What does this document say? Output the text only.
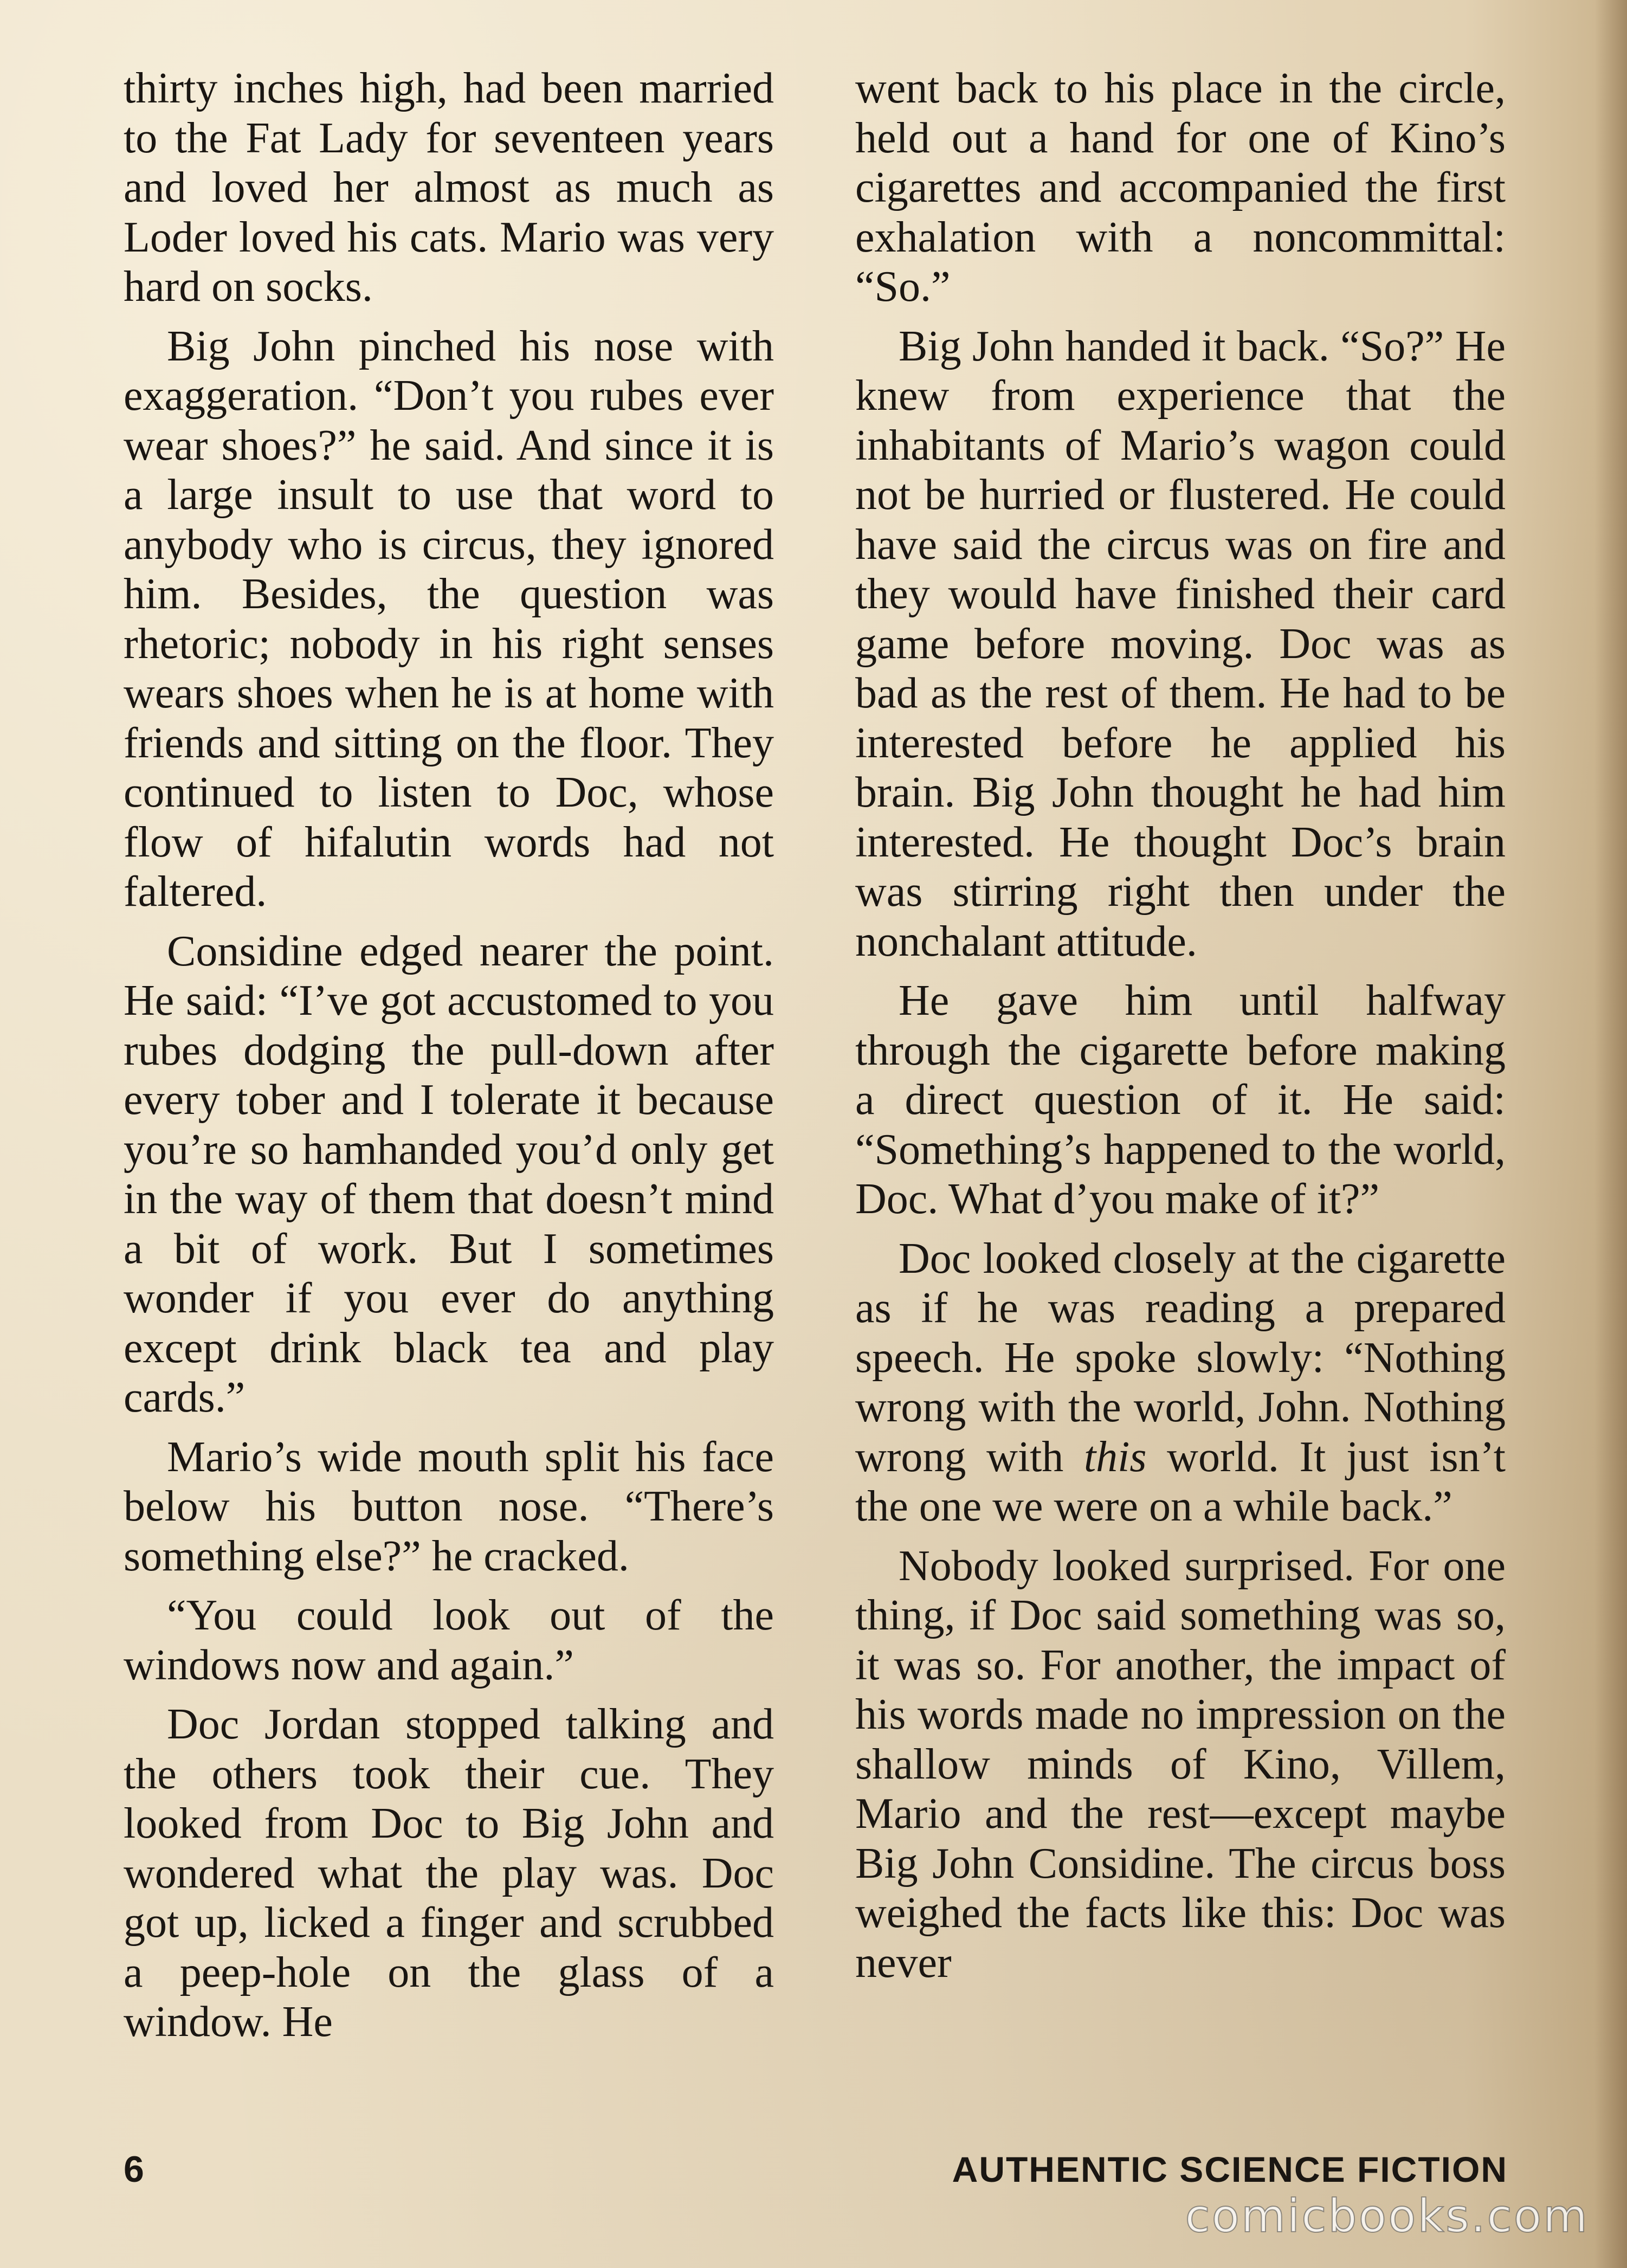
thirty inches high, had been married to the Fat Lady for seventeen years and loved her almost as much as Loder loved his cats. Mario was very hard on socks.

Big John pinched his nose with exaggeration. “Don’t you rubes ever wear shoes?” he said. And since it is a large insult to use that word to anybody who is circus, they ignored him. Besides, the question was rhetoric; nobody in his right senses wears shoes when he is at home with friends and sitting on the floor. They continued to listen to Doc, whose flow of hifalutin words had not faltered.

Considine edged nearer the point. He said: “I’ve got accustomed to you rubes dodging the pull-down after every tober and I tolerate it because you’re so hamhanded you’d only get in the way of them that doesn’t mind a bit of work. But I sometimes wonder if you ever do anything except drink black tea and play cards.”

Mario’s wide mouth split his face below his button nose. “There’s something else?” he cracked.

“You could look out of the windows now and again.”

Doc Jordan stopped talking and the others took their cue. They looked from Doc to Big John and wondered what the play was. Doc got up, licked a finger and scrubbed a peep-hole on the glass of a window. He

went back to his place in the circle, held out a hand for one of Kino’s cigarettes and accompanied the first exhalation with a noncommittal: “So.”

Big John handed it back. “So?” He knew from experience that the inhabitants of Mario’s wagon could not be hurried or flustered. He could have said the circus was on fire and they would have finished their card game before moving. Doc was as bad as the rest of them. He had to be interested before he applied his brain. Big John thought he had him interested. He thought Doc’s brain was stirring right then under the nonchalant attitude.

He gave him until halfway through the cigarette before making a direct question of it. He said: “Something’s happened to the world, Doc. What d’you make of it?”

Doc looked closely at the cigarette as if he was reading a prepared speech. He spoke slowly: “Nothing wrong with the world, John. Nothing wrong with this world. It just isn’t the one we were on a while back.”

Nobody looked surprised. For one thing, if Doc said something was so, it was so. For another, the impact of his words made no impression on the shallow minds of Kino, Villem, Mario and the rest—except maybe Big John Considine. The circus boss weighed the facts like this: Doc was never

6	AUTHENTIC SCIENCE FICTION
comicbooks.com
